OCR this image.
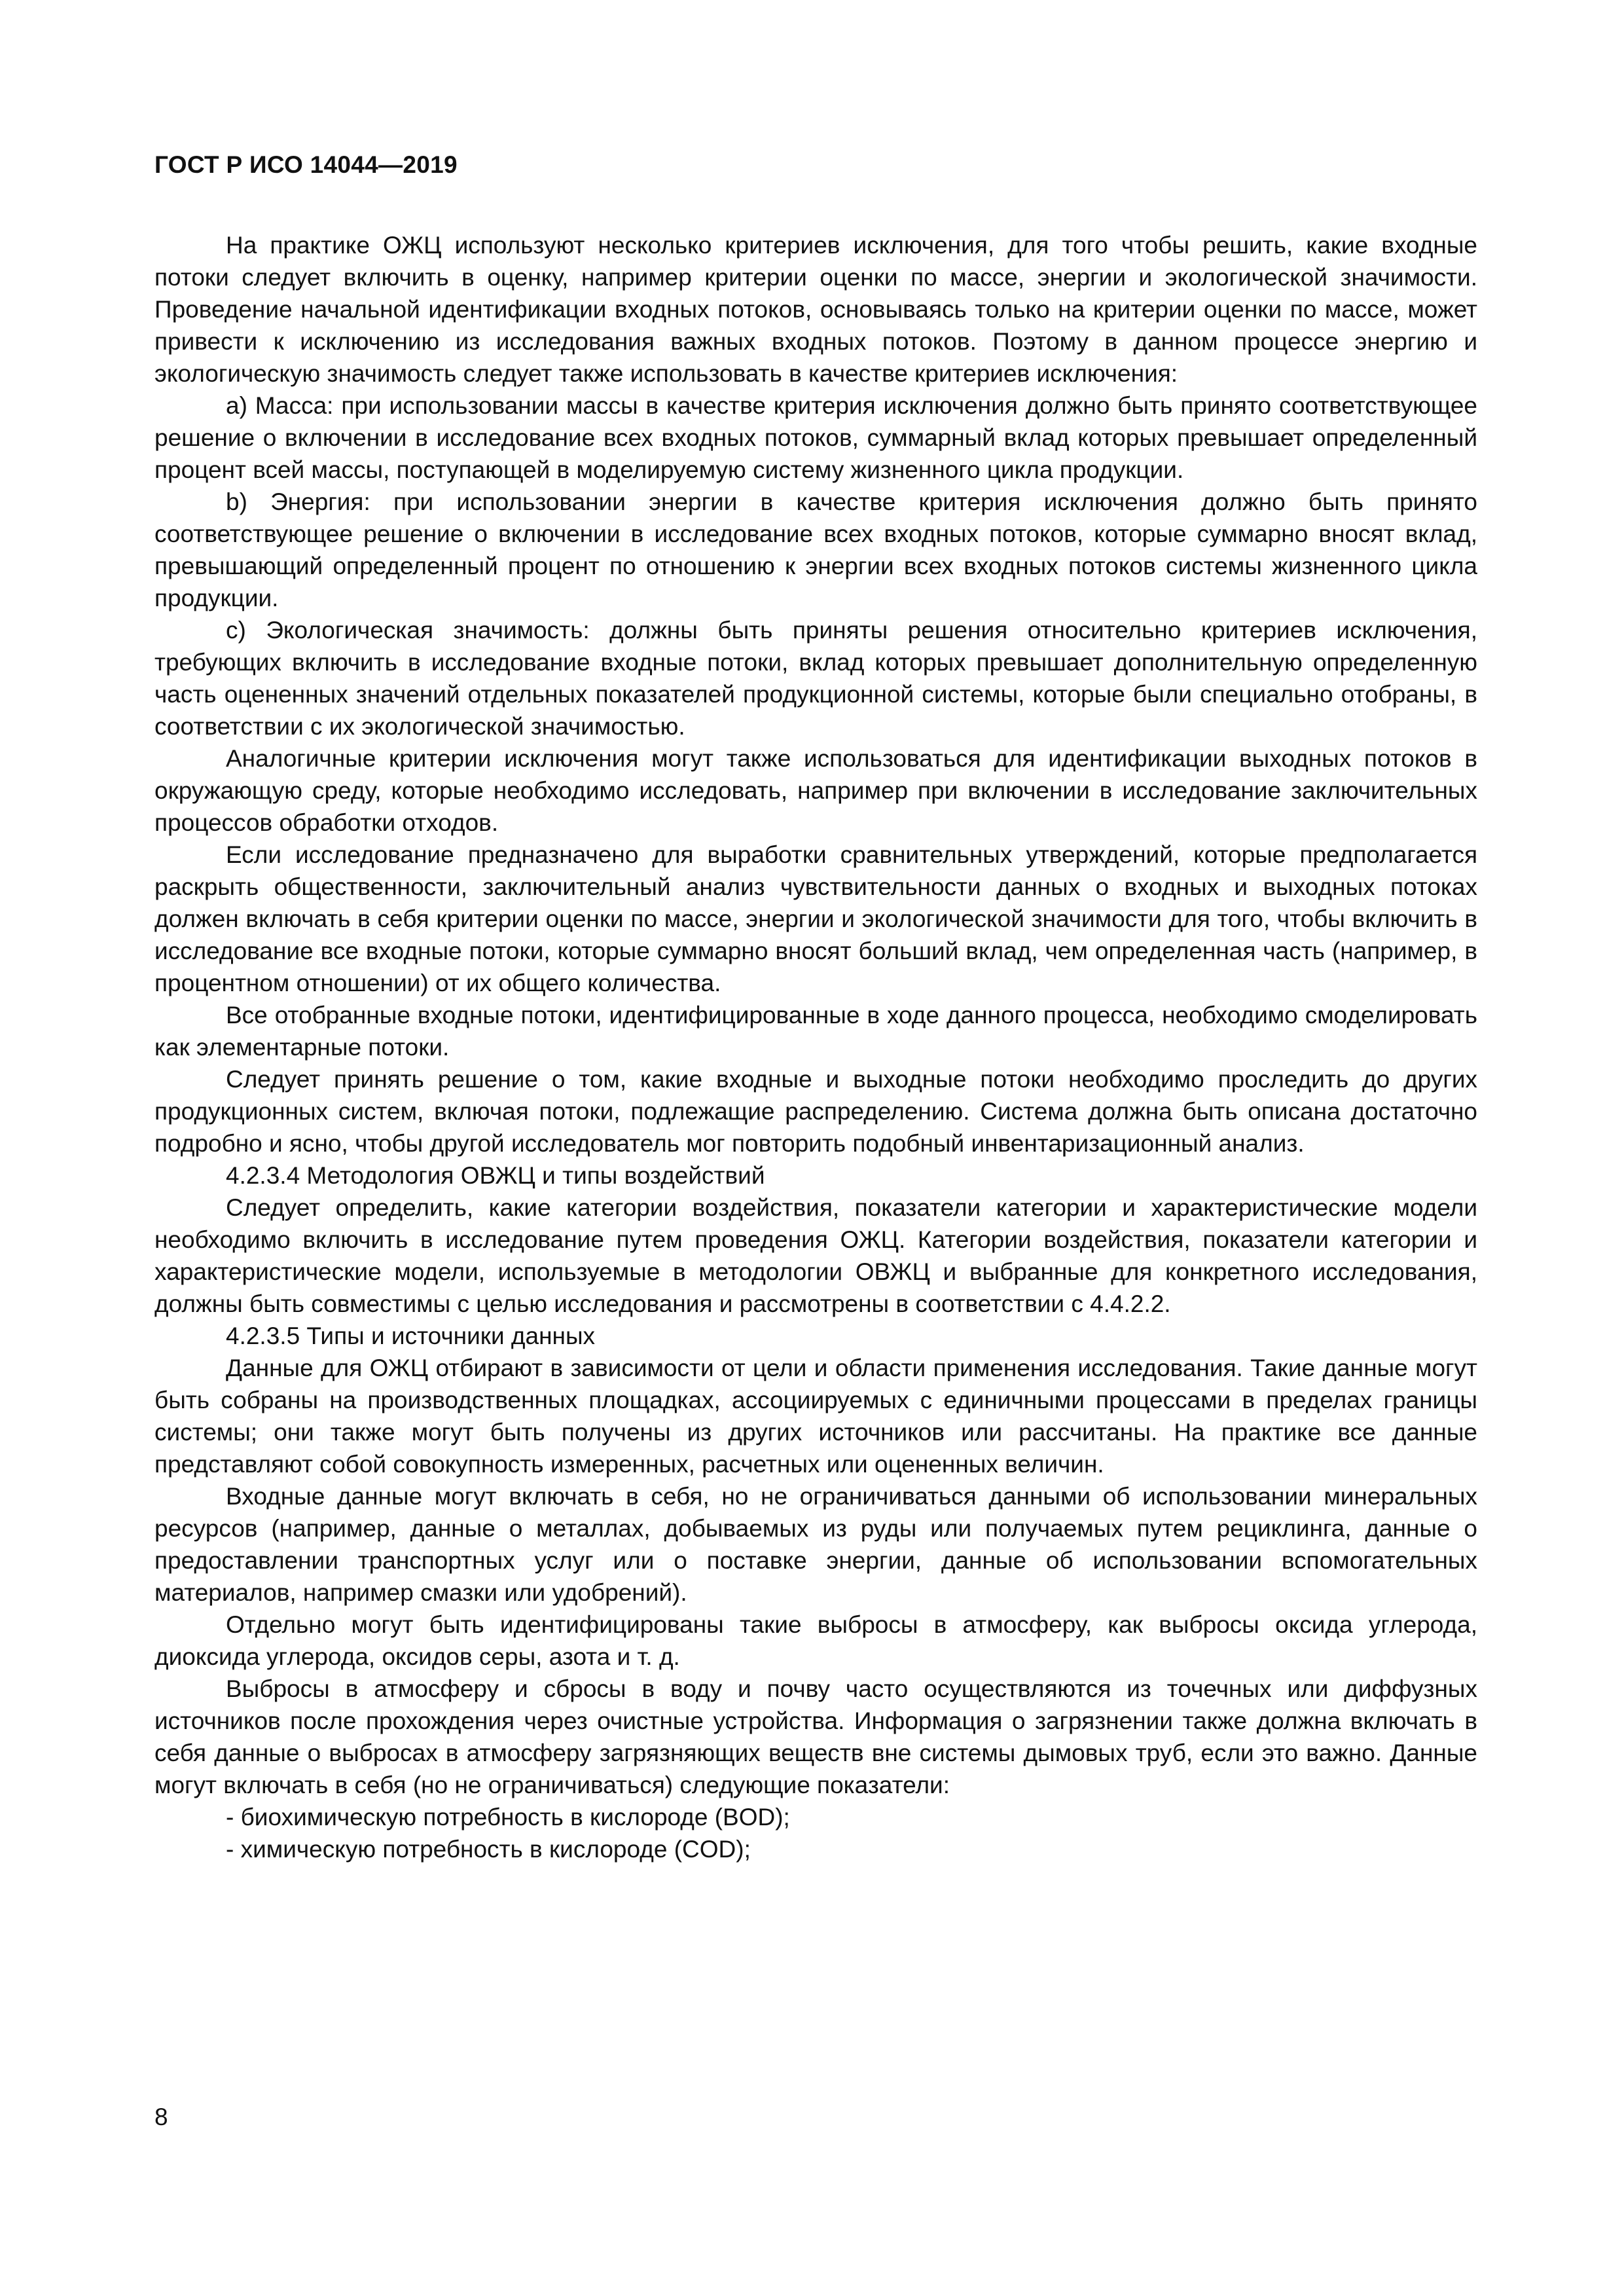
ГОСТ Р ИСО 14044—2019

На практике ОЖЦ используют несколько критериев исключения, для того чтобы решить, какие входные потоки следует включить в оценку, например критерии оценки по массе, энергии и экологической значимости. Проведение начальной идентификации входных потоков, основываясь только на критерии оценки по массе, может привести к исключению из исследования важных входных потоков. Поэтому в данном процессе энергию и экологическую значимость следует также использовать в качестве критериев исключения:

a) Масса: при использовании массы в качестве критерия исключения должно быть принято соответствующее решение о включении в исследование всех входных потоков, суммарный вклад которых превышает определенный процент всей массы, поступающей в моделируемую систему жизненного цикла продукции.

b) Энергия: при использовании энергии в качестве критерия исключения должно быть принято соответствующее решение о включении в исследование всех входных потоков, которые суммарно вносят вклад, превышающий определенный процент по отношению к энергии всех входных потоков системы жизненного цикла продукции.

c) Экологическая значимость: должны быть приняты решения относительно критериев исключения, требующих включить в исследование входные потоки, вклад которых превышает дополнительную определенную часть оцененных значений отдельных показателей продукционной системы, которые были специально отобраны, в соответствии с их экологической значимостью.

Аналогичные критерии исключения могут также использоваться для идентификации выходных потоков в окружающую среду, которые необходимо исследовать, например при включении в исследование заключительных процессов обработки отходов.

Если исследование предназначено для выработки сравнительных утверждений, которые предполагается раскрыть общественности, заключительный анализ чувствительности данных о входных и выходных потоках должен включать в себя критерии оценки по массе, энергии и экологической значимости для того, чтобы включить в исследование все входные потоки, которые суммарно вносят больший вклад, чем определенная часть (например, в процентном отношении) от их общего количества.

Все отобранные входные потоки, идентифицированные в ходе данного процесса, необходимо смоделировать как элементарные потоки.

Следует принять решение о том, какие входные и выходные потоки необходимо проследить до других продукционных систем, включая потоки, подлежащие распределению. Система должна быть описана достаточно подробно и ясно, чтобы другой исследователь мог повторить подобный инвентаризационный анализ.

4.2.3.4 Методология ОВЖЦ и типы воздействий

Следует определить, какие категории воздействия, показатели категории и характеристические модели необходимо включить в исследование путем проведения ОЖЦ. Категории воздействия, показатели категории и характеристические модели, используемые в методологии ОВЖЦ и выбранные для конкретного исследования, должны быть совместимы с целью исследования и рассмотрены в соответствии с 4.4.2.2.

4.2.3.5 Типы и источники данных

Данные для ОЖЦ отбирают в зависимости от цели и области применения исследования. Такие данные могут быть собраны на производственных площадках, ассоциируемых с единичными процессами в пределах границы системы; они также могут быть получены из других источников или рассчитаны. На практике все данные представляют собой совокупность измеренных, расчетных или оцененных величин.

Входные данные могут включать в себя, но не ограничиваться данными об использовании минеральных ресурсов (например, данные о металлах, добываемых из руды или получаемых путем рециклинга, данные о предоставлении транспортных услуг или о поставке энергии, данные об использовании вспомогательных материалов, например смазки или удобрений).

Отдельно могут быть идентифицированы такие выбросы в атмосферу, как выбросы оксида углерода, диоксида углерода, оксидов серы, азота и т. д.

Выбросы в атмосферу и сбросы в воду и почву часто осуществляются из точечных или диффузных источников после прохождения через очистные устройства. Информация о загрязнении также должна включать в себя данные о выбросах в атмосферу загрязняющих веществ вне системы дымовых труб, если это важно. Данные могут включать в себя (но не ограничиваться) следующие показатели:

- биохимическую потребность в кислороде (BOD);

- химическую потребность в кислороде (COD);

8
